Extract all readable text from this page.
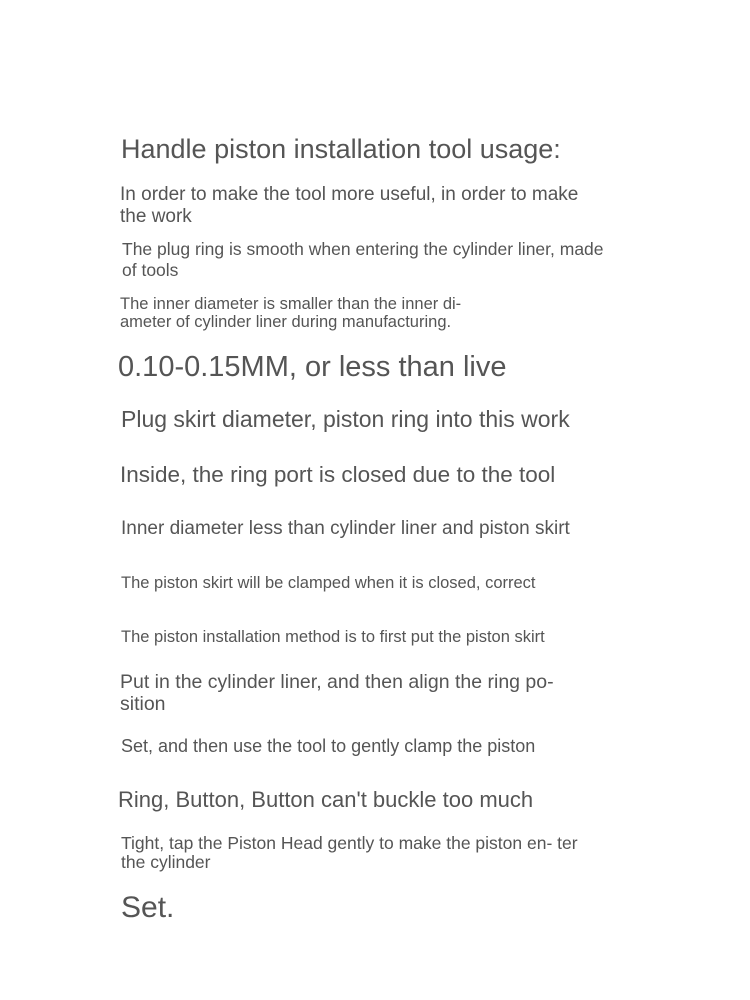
Handle piston installation tool usage:

In order to make the tool more useful, in order to make the work

The plug ring is smooth when entering the cylinder liner, made of tools

The inner diameter is smaller than the inner di- ameter of cylinder liner during manufacturing.

0.10-0.15MM, or less than live

Plug skirt diameter, piston ring into this work

Inside, the ring port is closed due to the tool

Inner diameter less than cylinder liner and piston skirt

The piston skirt will be clamped when it is closed, correct

The piston installation method is to first put the piston skirt

Put in the cylinder liner, and then align the ring po- sition

Set, and then use the tool to gently clamp the piston

Ring, Button, Button can't buckle too much

Tight, tap the Piston Head gently to make the piston en- ter the cylinder

Set.
